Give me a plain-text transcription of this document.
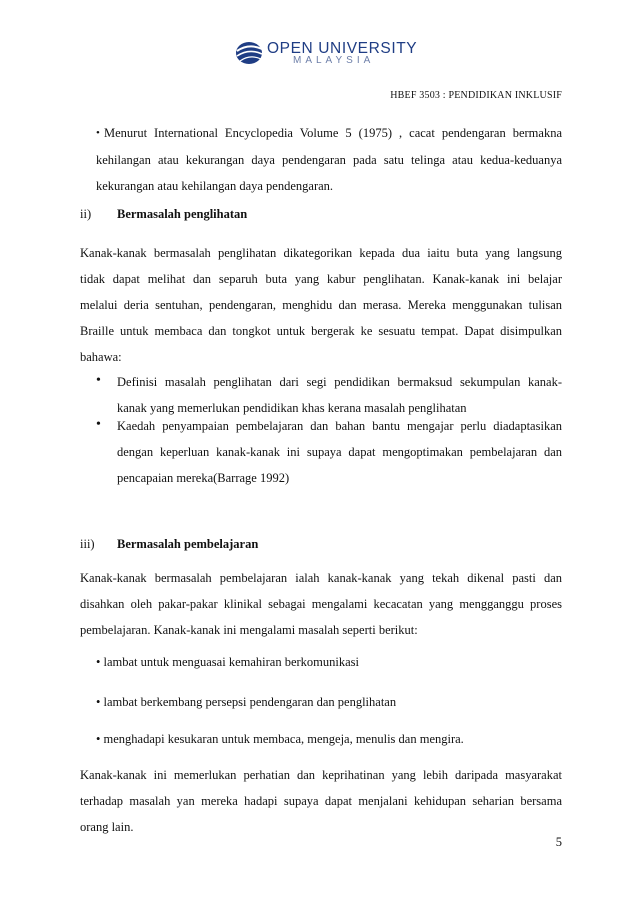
OPEN UNIVERSITY
MALAYSIA
HBEF 3503 : PENDIDIKAN INKLUSIF
• Menurut International Encyclopedia Volume 5 (1975) , cacat pendengaran bermakna
kehilangan atau kekurangan daya pendengaran pada satu telinga atau kedua-keduanya
kekurangan atau kehilangan daya pendengaran.
ii) Bermasalah penglihatan
Kanak-kanak bermasalah penglihatan dikategorikan kepada dua iaitu buta yang langsung
tidak dapat melihat dan separuh buta yang kabur penglihatan. Kanak-kanak ini belajar
melalui deria sentuhan, pendengaran, menghidu dan merasa. Mereka menggunakan tulisan
Braille untuk membaca dan tongkot untuk bergerak ke sesuatu tempat. Dapat disimpulkan
bahawa:
• Definisi masalah penglihatan dari segi pendidikan bermaksud sekumpulan kanak-
kanak yang memerlukan pendidikan khas kerana masalah penglihatan
• Kaedah penyampaian pembelajaran dan bahan bantu mengajar perlu diadaptasikan
dengan keperluan kanak-kanak ini supaya dapat mengoptimakan pembelajaran dan
pencapaian mereka(Barrage 1992)
iii) Bermasalah pembelajaran
Kanak-kanak bermasalah pembelajaran ialah kanak-kanak yang tekah dikenal pasti dan
disahkan oleh pakar-pakar klinikal sebagai mengalami kecacatan yang mengganggu proses
pembelajaran. Kanak-kanak ini mengalami masalah seperti berikut:
• lambat untuk menguasai kemahiran berkomunikasi
• lambat berkembang persepsi pendengaran dan penglihatan
• menghadapi kesukaran untuk membaca, mengeja, menulis dan mengira.
Kanak-kanak ini memerlukan perhatian dan keprihatinan yang lebih daripada masyarakat
terhadap masalah yan mereka hadapi supaya dapat menjalani kehidupan seharian bersama
orang lain.
5
